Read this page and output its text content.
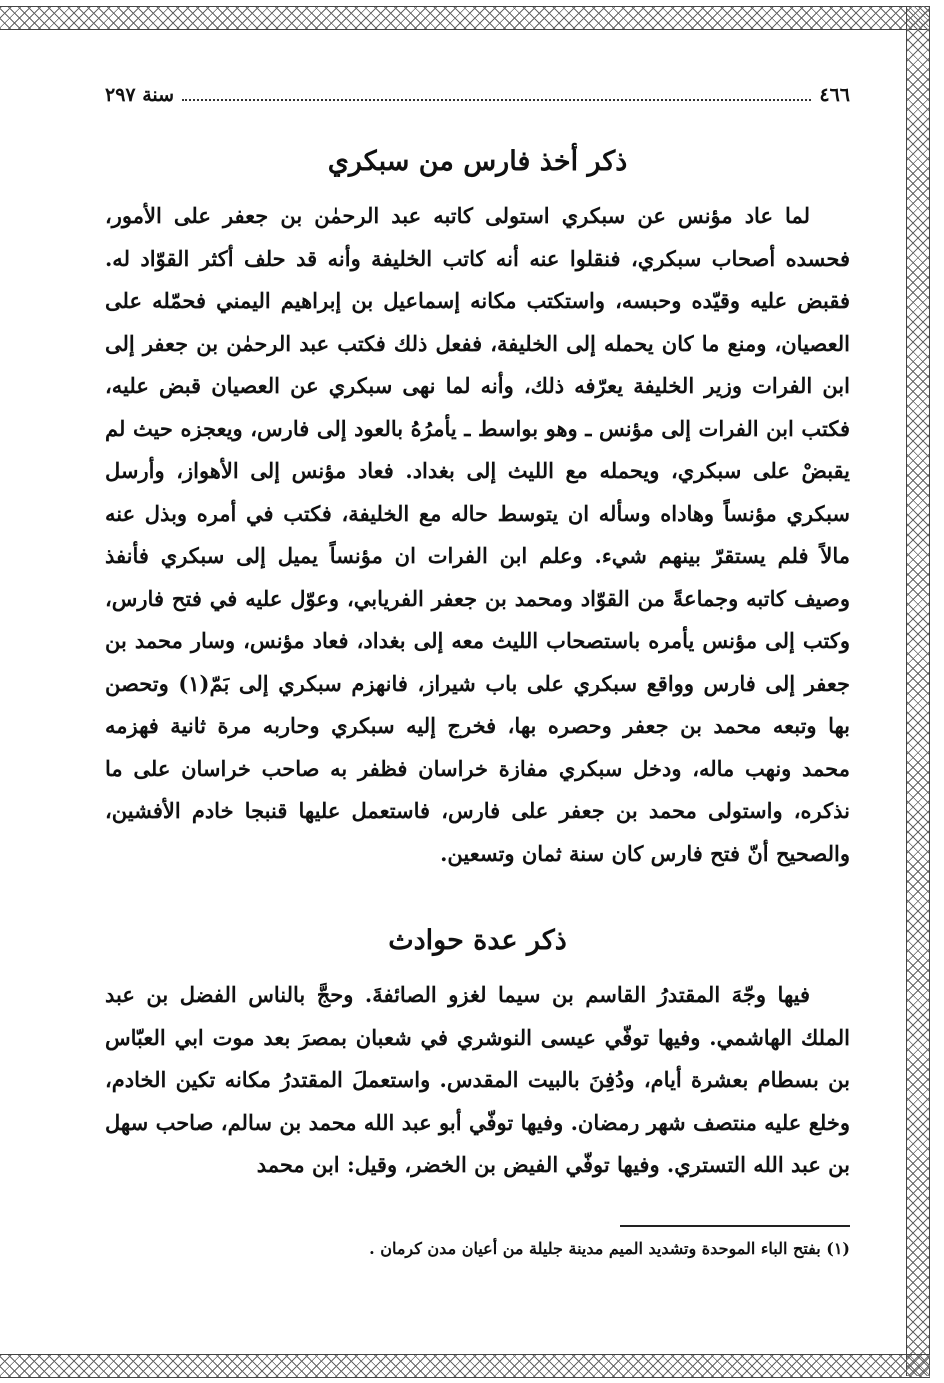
٤٦٦
سنة ٢٩٧
ذكر أخذ فارس من سبكري

لما عاد مؤنس عن سبكري استولى كاتبه عبد الرحمٰن بن جعفر على الأمور، فحسده أصحاب سبكري، فنقلوا عنه أنه كاتب الخليفة وأنه قد حلف أكثر القوّاد له. فقبض عليه وقيّده وحبسه، واستكتب مكانه إسماعيل بن إبراهيم اليمني فحمّله على العصيان، ومنع ما كان يحمله إلى الخليفة، ففعل ذلك فكتب عبد الرحمٰن بن جعفر إلى ابن الفرات وزير الخليفة يعرّفه ذلك، وأنه لما نهى سبكري عن العصيان قبض عليه، فكتب ابن الفرات إلى مؤنس ـ وهو بواسط ـ يأمرُهُ بالعود إلى فارس، ويعجزه حيث لم يقبضْ على سبكري، ويحمله مع الليث إلى بغداد. فعاد مؤنس إلى الأهواز، وأرسل سبكري مؤنساً وهاداه وسأله ان يتوسط حاله مع الخليفة، فكتب في أمره وبذل عنه مالاً فلم يستقرّ بينهم شيء. وعلم ابن الفرات ان مؤنساً يميل إلى سبكري فأنفذ وصيف كاتبه وجماعةً من القوّاد ومحمد بن جعفر الفريابي، وعوّل عليه في فتح فارس، وكتب إلى مؤنس يأمره باستصحاب الليث معه إلى بغداد، فعاد مؤنس، وسار محمد بن جعفر إلى فارس وواقع سبكري على باب شيراز، فانهزم سبكري إلى بَمّ(١) وتحصن بها وتبعه محمد بن جعفر وحصره بها، فخرج إليه سبكري وحاربه مرة ثانية فهزمه محمد ونهب ماله، ودخل سبكري مفازة خراسان فظفر به صاحب خراسان على ما نذكره، واستولى محمد بن جعفر على فارس، فاستعمل عليها قنبجا خادم الأفشين، والصحيح أنّ فتح فارس كان سنة ثمان وتسعين.

ذكر عدة حوادث

فيها وجّهَ المقتدرُ القاسم بن سيما لغزو الصائفةَ. وحجَّ بالناس الفضل بن عبد الملك الهاشمي. وفيها توفّي عيسى النوشري في شعبان بمصرَ بعد موت ابي العبّاس بن بسطام بعشرة أيام، ودُفِنَ بالبيت المقدس. واستعملَ المقتدرُ مكانه تكين الخادم، وخلع عليه منتصف شهر رمضان. وفيها توفّي أبو عبد الله محمد بن سالم، صاحب سهل بن عبد الله التستري. وفيها توفّي الفيض بن الخضر، وقيل: ابن محمد

(١) بفتح الباء الموحدة وتشديد الميم مدينة جليلة من أعيان مدن كرمان .
